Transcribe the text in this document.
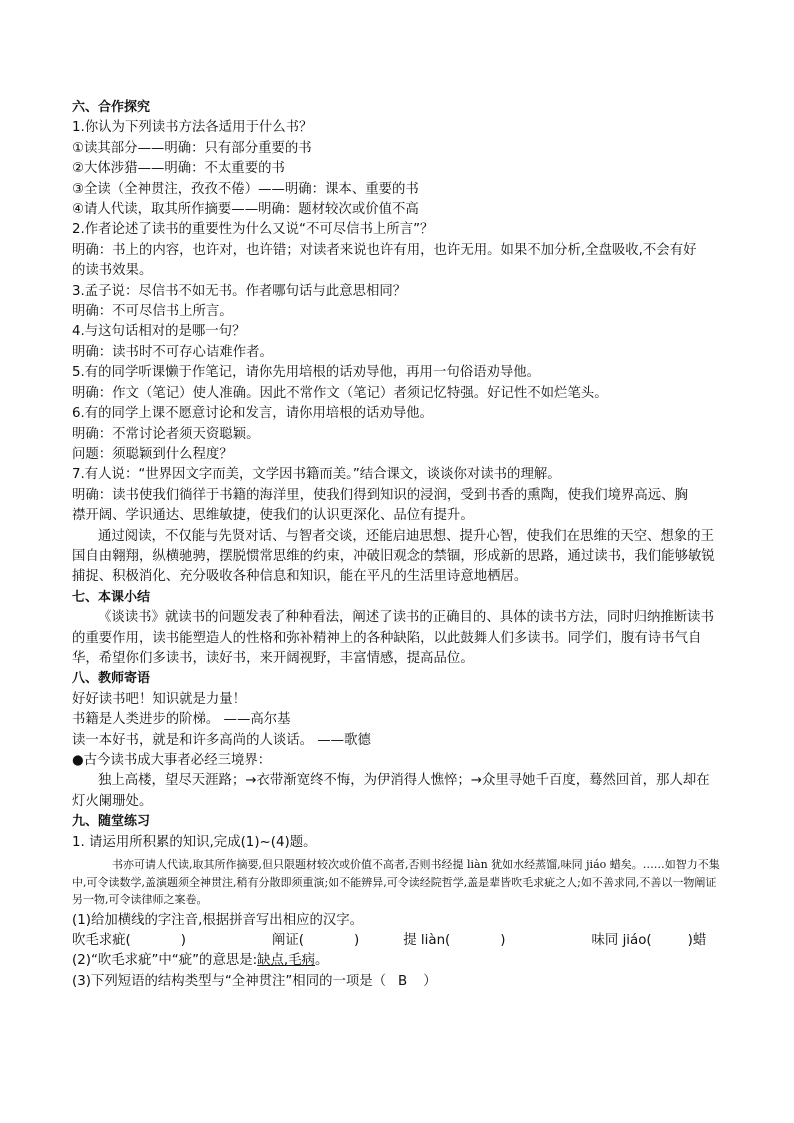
六、合作探究
1.你认为下列读书方法各适用于什么书？
①读其部分——明确：只有部分重要的书
②大体涉猎——明确：不太重要的书
③全读（全神贯注，孜孜不倦）——明确：课本、重要的书
④请人代读，取其所作摘要——明确：题材较次或价值不高
2.作者论述了读书的重要性为什么又说“不可尽信书上所言”？
明确：书上的内容，也许对，也许错；对读者来说也许有用，也许无用。如果不加分析,全盘吸收,不会有好
的读书效果。
3.孟子说：尽信书不如无书。作者哪句话与此意思相同？
明确：不可尽信书上所言。
4.与这句话相对的是哪一句？
明确：读书时不可存心诘难作者。
5.有的同学听课懒于作笔记，请你先用培根的话劝导他，再用一句俗语劝导他。
明确：作文（笔记）使人准确。因此不常作文（笔记）者须记忆特强。好记性不如烂笔头。
6.有的同学上课不愿意讨论和发言，请你用培根的话劝导他。
明确：不常讨论者须天资聪颖。
问题：须聪颖到什么程度？
7.有人说：“世界因文字而美，文学因书籍而美。”结合课文，谈谈你对读书的理解。
明确：读书使我们徜徉于书籍的海洋里，使我们得到知识的浸润，受到书香的熏陶，使我们境界高远、胸
襟开阔、学识通达、思维敏捷，使我们的认识更深化、品位有提升。
通过阅读，不仅能与先贤对话、与智者交谈，还能启迪思想、提升心智，使我们在思维的天空、想象的王国自由翱翔，纵横驰骋，摆脱惯常思维的约束，冲破旧观念的禁锢，形成新的思路，通过读书，我们能够敏锐捕捉、积极消化、充分吸收各种信息和知识，能在平凡的生活里诗意地栖居。
七、本课小结
《谈读书》就读书的问题发表了种种看法，阐述了读书的正确目的、具体的读书方法，同时归纳推断读书的重要作用，读书能塑造人的性格和弥补精神上的各种缺陷，以此鼓舞人们多读书。同学们，腹有诗书气自华，希望你们多读书，读好书，来开阔视野，丰富情感，提高品位。
八、教师寄语
好好读书吧！知识就是力量！
书籍是人类进步的阶梯。 ——高尔基
读一本好书，就是和许多高尚的人谈话。 ——歌德
●古今读书成大事者必经三境界：
独上高楼，望尽天涯路；→衣带渐宽终不悔，为伊消得人憔悴；→众里寻她千百度，蓦然回首，那人却在灯火阑珊处。
九、随堂练习
1. 请运用所积累的知识,完成(1)~(4)题。
书亦可请人代读,取其所作摘要,但只限题材较次或价值不高者,否则书经提 liàn 犹如水经蒸馏,味同 jiáo 蜡矣。……如智力不集中,可令读数学,盖演题须全神贯注,稍有分散即须重演;如不能辨异,可令读经院哲学,盖是辈皆吹毛求疵之人;如不善求同,不善以一物阐证另一物,可令读律师之案卷。
(1)给加横线的字注音,根据拼音写出相应的汉字。
吹毛求疵(	)	阐证(	)	提 liàn(	)	味同 jiáo(	)蜡
(2)“吹毛求疵”中“疵”的意思是:缺点,毛病。
(3)下列短语的结构类型与“全神贯注”相同的一项是（ B ）
